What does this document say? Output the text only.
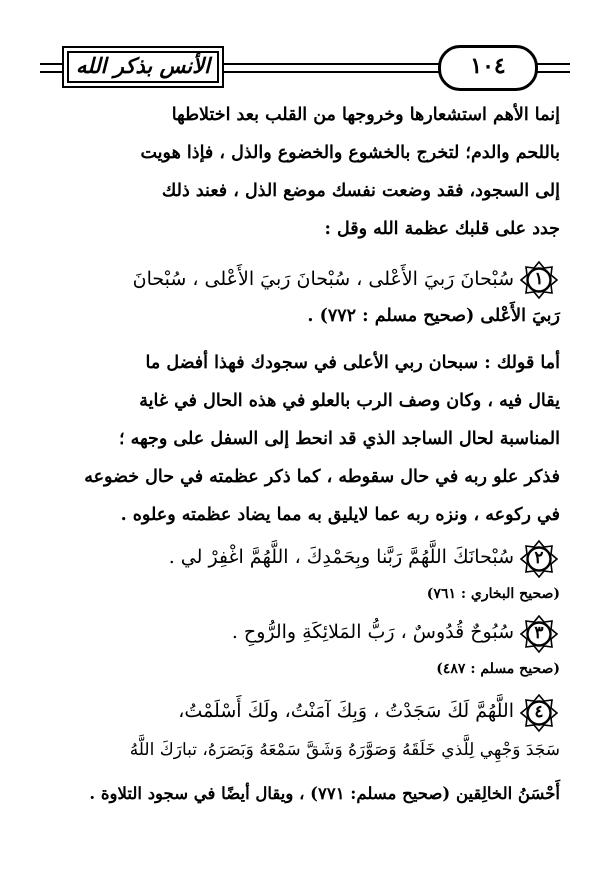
الأنس بذكر الله	١٠٤
إنما الأهم استشعارها وخروجها من القلب بعد اختلاطها
باللحم والدم؛ لتخرج بالخشوع والخضوع والذل ، فإذا هويت
إلى السجود، فقد وضعت نفسك موضع الذل ، فعند ذلك
جدد على قلبك عظمة الله وقل :
١
سُبْحانَ رَبيَ الأَعْلى ، سُبْحانَ رَبيَ الأَعْلى ، سُبْحانَ
رَبيَ الأَعْلى (صحيح مسلم : ٧٧٢) .
أما قولك : سبحان ربي الأعلى في سجودك فهذا أفضل ما
يقال فيه ، وكان وصف الرب بالعلو في هذه الحال في غاية
المناسبة لحال الساجد الذي قد انحط إلى السفل على وجهه ؛
فذكر علو ربه في حال سقوطه ، كما ذكر عظمته في حال خضوعه
في ركوعه ، ونزه ربه عما لايليق به مما يضاد عظمته وعلوه .
٢
سُبْحانَكَ اللَّهُمَّ رَبَّنا وبِحَمْدِكَ ، اللَّهُمَّ اغْفِرْ لي .
(صحيح البخاري : ٧٦١)
٣
سُبُوحٌ قُدُوسٌ ، رَبُّ المَلائِكَةِ والرُّوحِ .
(صحيح مسلم : ٤٨٧)
٤
اللَّهُمَّ لَكَ سَجَدْتُ ، وَبِكَ آمَنْتُ، ولَكَ أَسْلَمْتُ،
سَجَدَ وَجْهِي لِلَّذي خَلَقَهُ وَصَوَّرَهُ وَشَقَّ سَمْعَهُ وَبَصَرَهُ، تبارَكَ اللَّهُ
أَحْسَنُ الخالِقين (صحيح مسلم: ٧٧١) ، ويقال أيضًا في سجود التلاوة .
